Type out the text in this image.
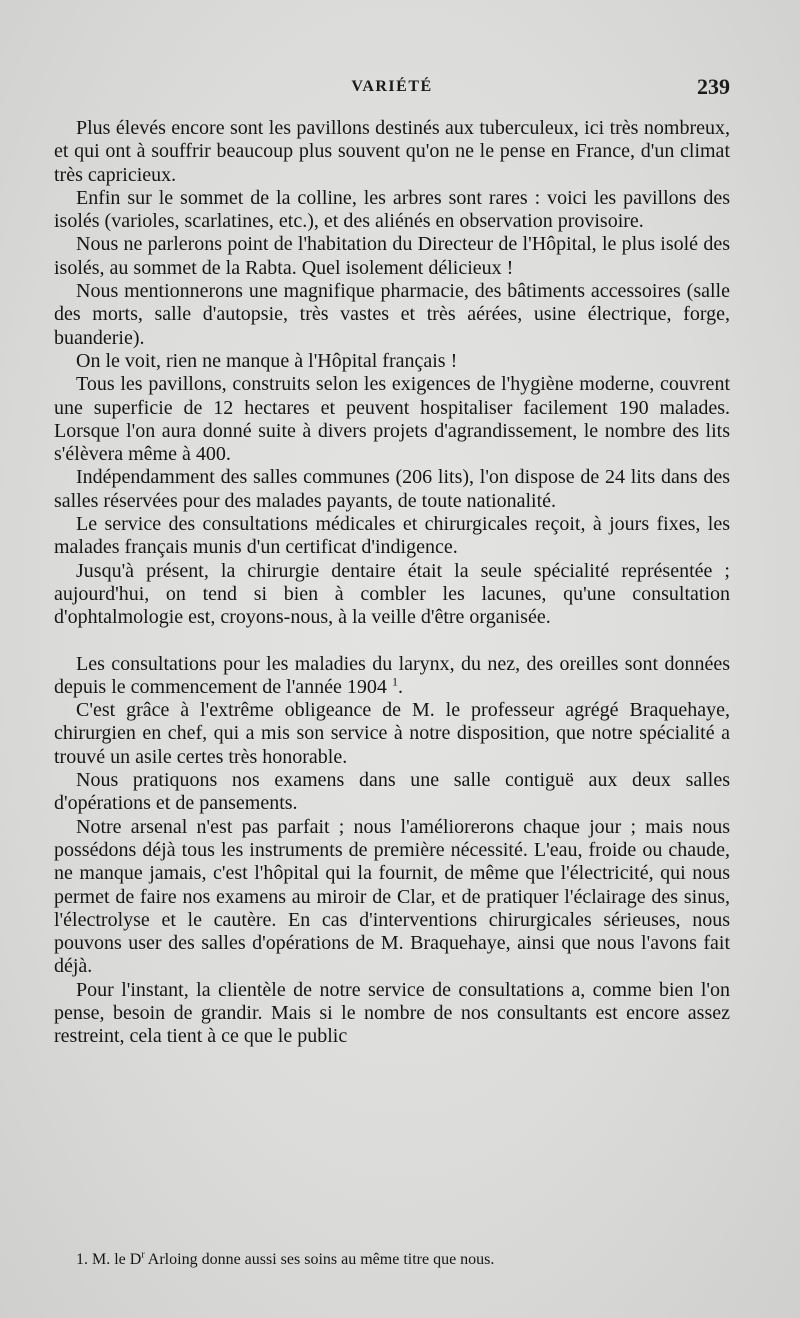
VARIÉTÉ	239

Plus élevés encore sont les pavillons destinés aux tuberculeux, ici très nombreux, et qui ont à souffrir beaucoup plus souvent qu'on ne le pense en France, d'un climat très capricieux.

Enfin sur le sommet de la colline, les arbres sont rares : voici les pavillons des isolés (varioles, scarlatines, etc.), et des aliénés en observation provisoire.

Nous ne parlerons point de l'habitation du Directeur de l'Hôpital, le plus isolé des isolés, au sommet de la Rabta. Quel isolement délicieux !

Nous mentionnerons une magnifique pharmacie, des bâtiments accessoires (salle des morts, salle d'autopsie, très vastes et très aérées, usine électrique, forge, buanderie).

On le voit, rien ne manque à l'Hôpital français !

Tous les pavillons, construits selon les exigences de l'hygiène moderne, couvrent une superficie de 12 hectares et peuvent hospitaliser facilement 190 malades. Lorsque l'on aura donné suite à divers projets d'agrandissement, le nombre des lits s'élèvera même à 400.

Indépendamment des salles communes (206 lits), l'on dispose de 24 lits dans des salles réservées pour des malades payants, de toute nationalité.

Le service des consultations médicales et chirurgicales reçoit, à jours fixes, les malades français munis d'un certificat d'indigence.

Jusqu'à présent, la chirurgie dentaire était la seule spécialité représentée ; aujourd'hui, on tend si bien à combler les lacunes, qu'une consultation d'ophtalmologie est, croyons-nous, à la veille d'être organisée.

Les consultations pour les maladies du larynx, du nez, des oreilles sont données depuis le commencement de l'année 1904 $^1$.

C'est grâce à l'extrême obligeance de M. le professeur agrégé Braquehaye, chirurgien en chef, qui a mis son service à notre disposition, que notre spécialité a trouvé un asile certes très honorable.

Nous pratiquons nos examens dans une salle contiguë aux deux salles d'opérations et de pansements.

Notre arsenal n'est pas parfait ; nous l'améliorerons chaque jour ; mais nous possédons déjà tous les instruments de première nécessité. L'eau, froide ou chaude, ne manque jamais, c'est l'hôpital qui la fournit, de même que l'électricité, qui nous permet de faire nos examens au miroir de Clar, et de pratiquer l'éclairage des sinus, l'électrolyse et le cautère. En cas d'interventions chirurgicales sérieuses, nous pouvons user des salles d'opérations de M. Braquehaye, ainsi que nous l'avons fait déjà.

Pour l'instant, la clientèle de notre service de consultations a, comme bien l'on pense, besoin de grandir. Mais si le nombre de nos consultants est encore assez restreint, cela tient à ce que le public

1. M. le $D^r$ Arloing donne aussi ses soins au même titre que nous.
